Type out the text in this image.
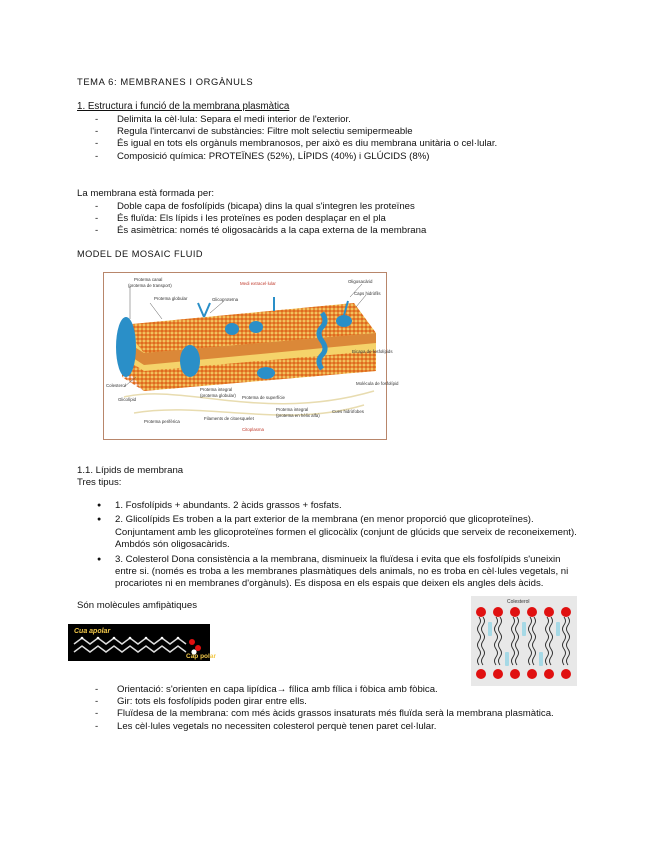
TEMA 6: MEMBRANES I ORGÀNULS
1. Estructura i funció de la membrana plasmàtica
- Delimita la cèl·lula: Separa el medi interior de l'exterior.
- Regula l'intercanvi de substàncies: Filtre molt selectiu semipermeable
- És igual en tots els orgànuls membranosos, per això es diu membrana unitària o cel·lular.
- Composició química: PROTEÏNES (52%), LÍPIDS (40%) i GLÚCIDS (8%)
La membrana està formada per:
- Doble capa de fosfolípids (bicapa) dins la qual s'integren les proteïnes
- És fluïda: Els lípids i les proteïnes es poden desplaçar en el pla
- És asimètrica: només té oligosacàrids a la capa externa de la membrana
MODEL DE MOSAIC FLUID
Proteïna canal
(proteïna de transport)
Proteïna globular	Glicoproteïna
Medi extracel·lular	Oligosacàrid
Caps hidròfils
Bicapa de fosfolípids
Molècula de fosfolípid
Colesterol
Glicolípid
Proteïna integral
(proteïna globular) Proteïna de superfície
Proteïna perifèrica
Filaments de citoesquelet
Proteïna integral
(proteïna en hèlix alfa)
Cues hidròfobes
Citoplasma
1.1. Lípids de membrana
Tres tipus:
● 1. Fosfolípids + abundants. 2 àcids grassos + fosfats.
● 2. Glicolípids Es troben a la part exterior de la membrana (en menor proporció que glicoproteïnes). Conjuntament amb les glicoproteïnes formen el glicocàlix (conjunt de glúcids que serveix de reconeixement). Ambdós són oligosacàrids.
● 3. Colesterol Dona consistència a la membrana, disminueix la fluïdesa i evita que els fosfolípids s'uneixin entre si. (només es troba a les membranes plasmàtiques dels animals, no es troba en cèl·lules vegetals, ni procariotes ni en membranes d'orgànuls). Es disposa en els espais que deixen els angles dels àcids.
Són molècules amfipàtiques
Cua apolar
Cap polar
Colesterol
- Orientació: s'orienten en capa lipídica→ fílica amb fílica i fòbica amb fòbica.
- Gir: tots els fosfolípids poden girar entre ells.
- Fluïdesa de la membrana: com més àcids grassos insaturats més fluïda serà la membrana plasmàtica.
- Les cèl·lules vegetals no necessiten colesterol perquè tenen paret cel·lular.
